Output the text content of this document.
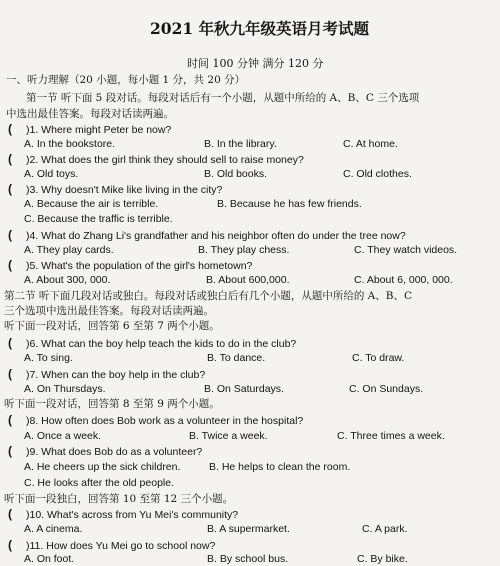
2021 年秋九年级英语月考试题
时间 100 分钟 满分 120 分
一、听力理解（20 小题，每小题 1 分，共 20 分）
第一节 听下面 5 段对话。每段对话后有一个小题，从题中所给的 A、B、C 三个选项
中选出最佳答案。每段对话读两遍。
( )1. Where might Peter be now?
A. In the bookstore.	B. In the library.	C. At home.
( )2. What does the girl think they should sell to raise money?
A. Old toys.	B. Old books.	C. Old clothes.
( )3. Why doesn't Mike like living in the city?
A. Because the air is terrible.	B. Because he has few friends.
C. Because the traffic is terrible.
( )4. What do Zhang Li's grandfather and his neighbor often do under the tree now?
A. They play cards.	B. They play chess.	C. They watch videos.
( )5. What's the population of the girl's hometown?
A. About 300, 000.	B. About 600,000.	C. About 6, 000, 000.
第二节 听下面几段对话或独白。每段对话或独白后有几个小题，从题中所给的 A、B、C
三个选项中选出最佳答案。每段对话读两遍。
听下面一段对话，回答第 6 至第 7 两个小题。
( )6. What can the boy help teach the kids to do in the club?
A. To sing.	B. To dance.	C. To draw.
( )7. When can the boy help in the club?
A. On Thursdays.	B. On Saturdays.	C. On Sundays.
听下面一段对话，回答第 8 至第 9 两个小题。
( )8. How often does Bob work as a volunteer in the hospital?
A. Once a week.	B. Twice a week.	C. Three times a week.
( )9. What does Bob do as a volunteer?
A. He cheers up the sick children.	B. He helps to clean the room.
C. He looks after the old people.
听下面一段独白，回答第 10 至第 12 三个小题。
( )10. What's across from Yu Mei's community?
A. A cinema.	B. A supermarket.	C. A park.
( )11. How does Yu Mei go to school now?
A. On foot.	B. By school bus.	C. By bike.
